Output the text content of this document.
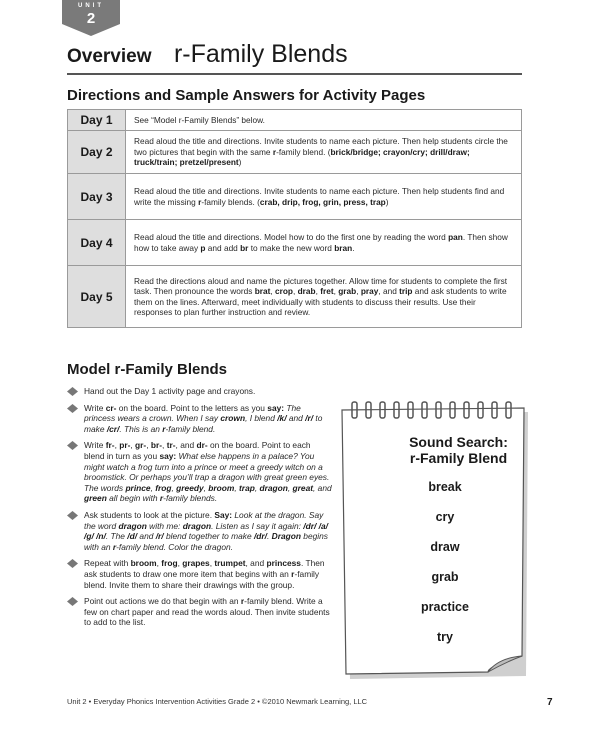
UNIT
2
Overview r-Family Blends
Directions and Sample Answers for Activity Pages
Day 1	See “Model r-Family Blends” below.
Day 2	Read aloud the title and directions. Invite students to name each picture. Then help students circle the two pictures that begin with the same r-family blend. (brick/bridge; crayon/cry; drill/draw; truck/train; pretzel/present)
Day 3	Read aloud the title and directions. Invite students to name each picture. Then help students find and write the missing r-family blends. (crab, drip, frog, grin, press, trap)
Day 4	Read aloud the title and directions. Model how to do the first one by reading the word pan. Then show how to take away p and add br to make the new word bran.
Day 5	Read the directions aloud and name the pictures together. Allow time for students to complete the first task. Then pronounce the words brat, crop, drab, fret, grab, pray, and trip and ask students to write them on the lines. Afterward, meet individually with students to discuss their results. Use their responses to plan further instruction and review.
Model r-Family Blends
Hand out the Day 1 activity page and crayons.
Write cr- on the board. Point to the letters as you say: The princess wears a crown. When I say crown, I blend /k/ and /r/ to make /cr/. This is an r-family blend.
Write fr-, pr-, gr-, br-, tr-, and dr- on the board. Point to each blend in turn as you say: What else happens in a palace? You might watch a frog turn into a prince or meet a greedy witch on a broomstick. Or perhaps you’ll trap a dragon with great green eyes. The words prince, frog, greedy, broom, trap, dragon, great, and green all begin with r-family blends.
Ask students to look at the picture. Say: Look at the dragon. Say the word dragon with me: dragon. Listen as I say it again: /dr/ /a/ /g/ /n/. The /d/ and /r/ blend together to make /dr/. Dragon begins with an r-family blend. Color the dragon.
Repeat with broom, frog, grapes, trumpet, and princess. Then ask students to draw one more item that begins with an r-family blend. Invite them to share their drawings with the group.
Point out actions we do that begin with an r-family blend. Write a few on chart paper and read the words aloud. Then invite students to add to the list.
Sound Search:
r-Family Blend
break
cry
draw
grab
practice
try
Unit 2 • Everyday Phonics Intervention Activities Grade 2 • ©2010 Newmark Learning, LLC	7
